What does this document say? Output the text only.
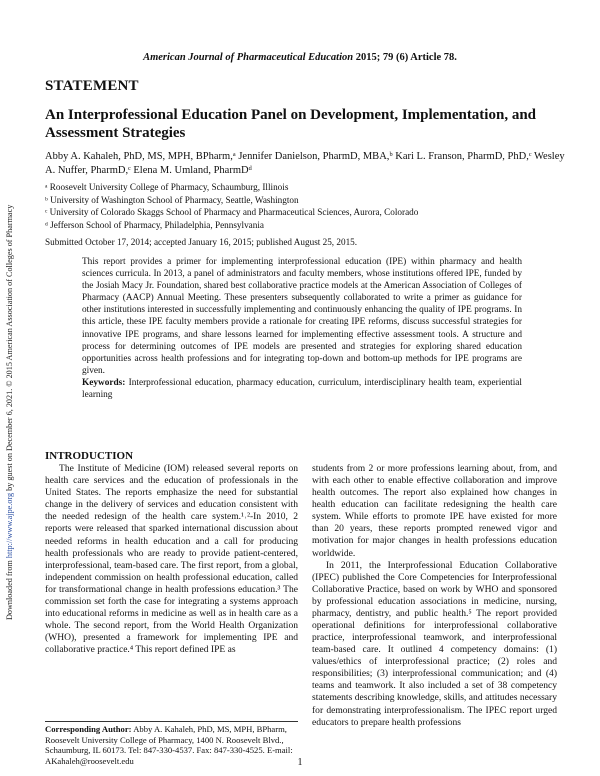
American Journal of Pharmaceutical Education 2015; 79 (6) Article 78.
STATEMENT
An Interprofessional Education Panel on Development, Implementation, and Assessment Strategies
Abby A. Kahaleh, PhD, MS, MPH, BPharm,ᵃ Jennifer Danielson, PharmD, MBA,ᵇ Kari L. Franson, PharmD, PhD,ᶜ Wesley A. Nuffer, PharmD,ᶜ Elena M. Umland, PharmDᵈ
ᵃ Roosevelt University College of Pharmacy, Schaumburg, Illinois
ᵇ University of Washington School of Pharmacy, Seattle, Washington
ᶜ University of Colorado Skaggs School of Pharmacy and Pharmaceutical Sciences, Aurora, Colorado
ᵈ Jefferson School of Pharmacy, Philadelphia, Pennsylvania
Submitted October 17, 2014; accepted January 16, 2015; published August 25, 2015.

This report provides a primer for implementing interprofessional education (IPE) within pharmacy and health sciences curricula. In 2013, a panel of administrators and faculty members, whose institutions offered IPE, funded by the Josiah Macy Jr. Foundation, shared best collaborative practice models at the American Association of Colleges of Pharmacy (AACP) Annual Meeting. These presenters subsequently collaborated to write a primer as guidance for other institutions interested in successfully implementing and continuously enhancing the quality of IPE programs. In this article, these IPE faculty members provide a rationale for creating IPE reforms, discuss successful strategies for innovative IPE programs, and share lessons learned for implementing effective assessment tools. A structure and process for determining outcomes of IPE models are presented and strategies for exploring shared education opportunities across health professions and for integrating top-down and bottom-up methods for IPE programs are given.

Keywords: Interprofessional education, pharmacy education, curriculum, interdisciplinary health team, experiential learning

Downloaded from http://www.ajpe.org by guest on December 6, 2021. © 2015 American Association of Colleges of Pharmacy	INTRODUCTION

The Institute of Medicine (IOM) released several reports on health care services and the education of professionals in the United States. The reports emphasize the need for substantial change in the delivery of services and education consistent with the needed redesign of the health care system.¹˒²-In 2010, 2 reports were released that sparked international discussion about needed reforms in health education and a call for producing health professionals who are ready to provide patient-centered, interprofessional, team-based care. The first report, from a global, independent commission on health professional education, called for transformational change in health professions education.³ The commission set forth the case for integrating a systems approach into educational reforms in medicine as well as in health care as a whole. The second report, from the World Health Organization (WHO), presented a framework for implementing IPE and collaborative practice.⁴ This report defined IPE as

students from 2 or more professions learning about, from, and with each other to enable effective collaboration and improve health outcomes. The report also explained how changes in health education can facilitate redesigning the health care system. While efforts to promote IPE have existed for more than 20 years, these reports prompted renewed vigor and motivation for major changes in health professions education worldwide.

In 2011, the Interprofessional Education Collaborative (IPEC) published the Core Competencies for Interprofessional Collaborative Practice, based on work by WHO and sponsored by professional education associations in medicine, nursing, pharmacy, dentistry, and public health.⁵ The report provided operational definitions for interprofessional collaborative practice, interprofessional teamwork, and interprofessional team-based care. It outlined 4 competency domains: (1) values/ethics of interprofessional practice; (2) roles and responsibilities; (3) interprofessional communication; and (4) teams and teamwork. It also included a set of 38 competency statements describing knowledge, skills, and attitudes necessary for demonstrating interprofessionalism. The IPEC report urged educators to prepare health professions

Corresponding Author: Abby A. Kahaleh, PhD, MS, MPH, BPharm, Roosevelt University College of Pharmacy, 1400 N. Roosevelt Blvd., Schaumburg, IL 60173. Tel: 847-330-4537. Fax: 847-330-4525. E-mail: AKahaleh@roosevelt.edu	1
